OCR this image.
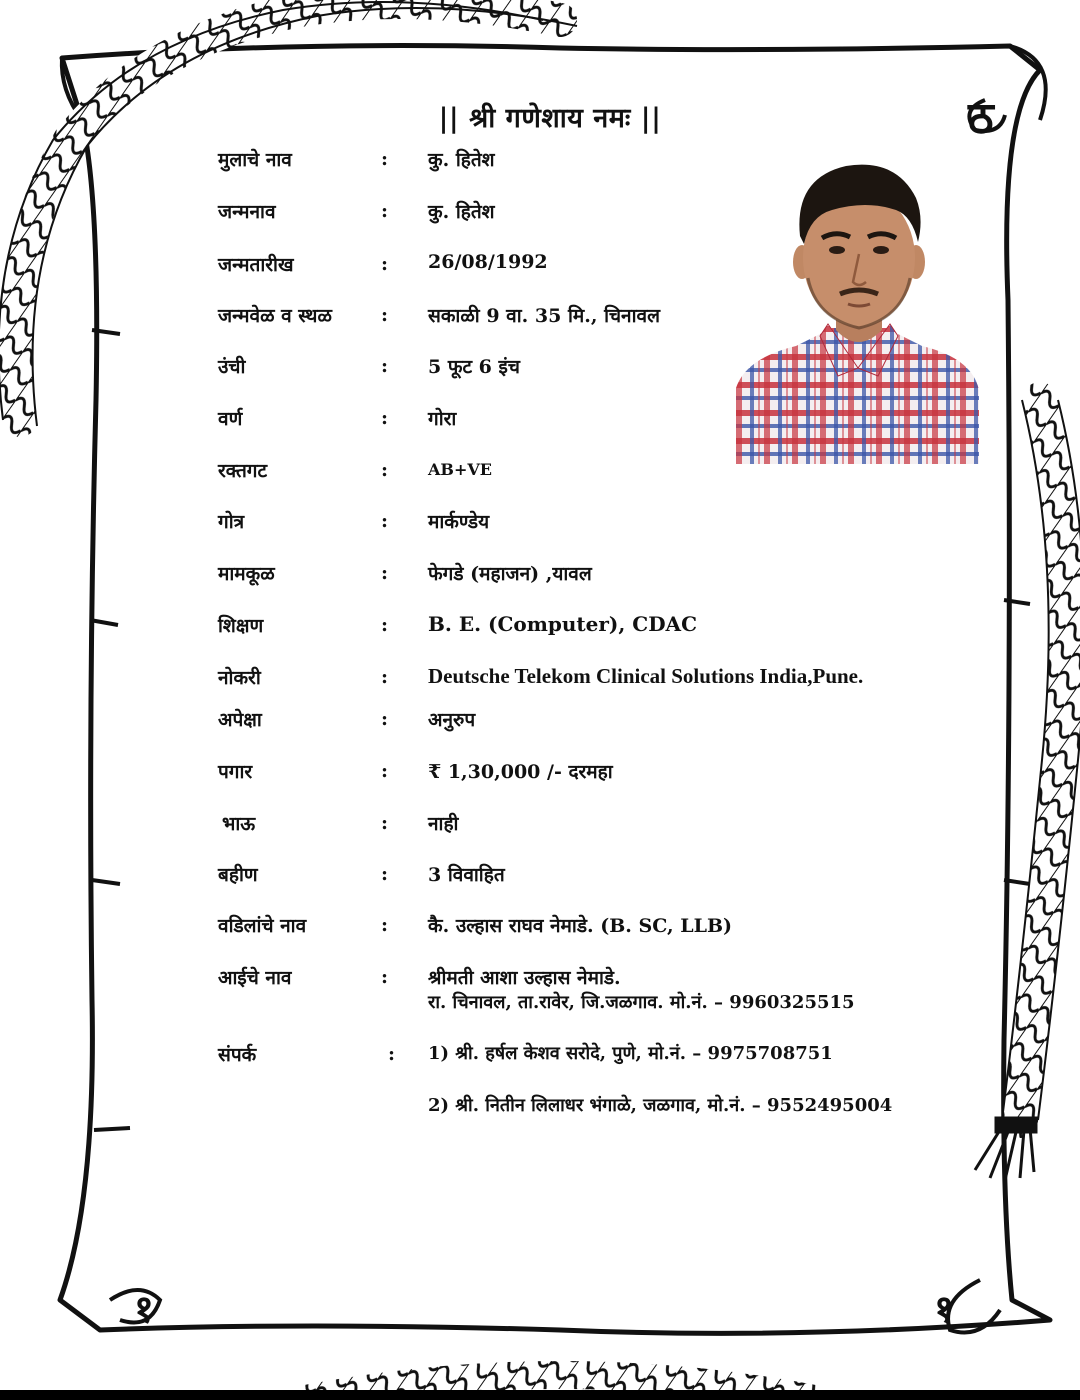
|| श्री गणेशाय नमः ||
मुलाचे नाव	: कु. हितेश
जन्मनाव	: कु. हितेश
जन्मतारीख	: 26/08/1992
जन्मवेळ व स्थळ	: सकाळी 9 वा. 35 मि., चिनावल
उंची	: 5 फूट 6 इंच
वर्ण	: गोरा
रक्तगट	: AB+VE
गोत्र	: मार्कण्डेय
मामकूळ	: फेगडे (महाजन) ,यावल
शिक्षण	: B. E. (Computer), CDAC
नोकरी	: Deutsche Telekom Clinical Solutions India,Pune.
अपेक्षा	: अनुरुप
पगार	: ₹ 1,30,000 /- दरमहा
भाऊ	: नाही
बहीण	: 3 विवाहित
वडिलांचे नाव	: कै. उल्हास राघव नेमाडे. (B. SC, LLB)
आईचे नाव	: श्रीमती आशा उल्हास नेमाडे.
रा. चिनावल, ता.रावेर, जि.जळगाव. मो.नं. – 9960325515
संपर्क	: 1) श्री. हर्षल केशव सरोदे, पुणे, मो.नं. – 9975708751
2) श्री. नितीन लिलाधर भंगाळे, जळगाव, मो.नं. – 9552495004
ठ
१	१
